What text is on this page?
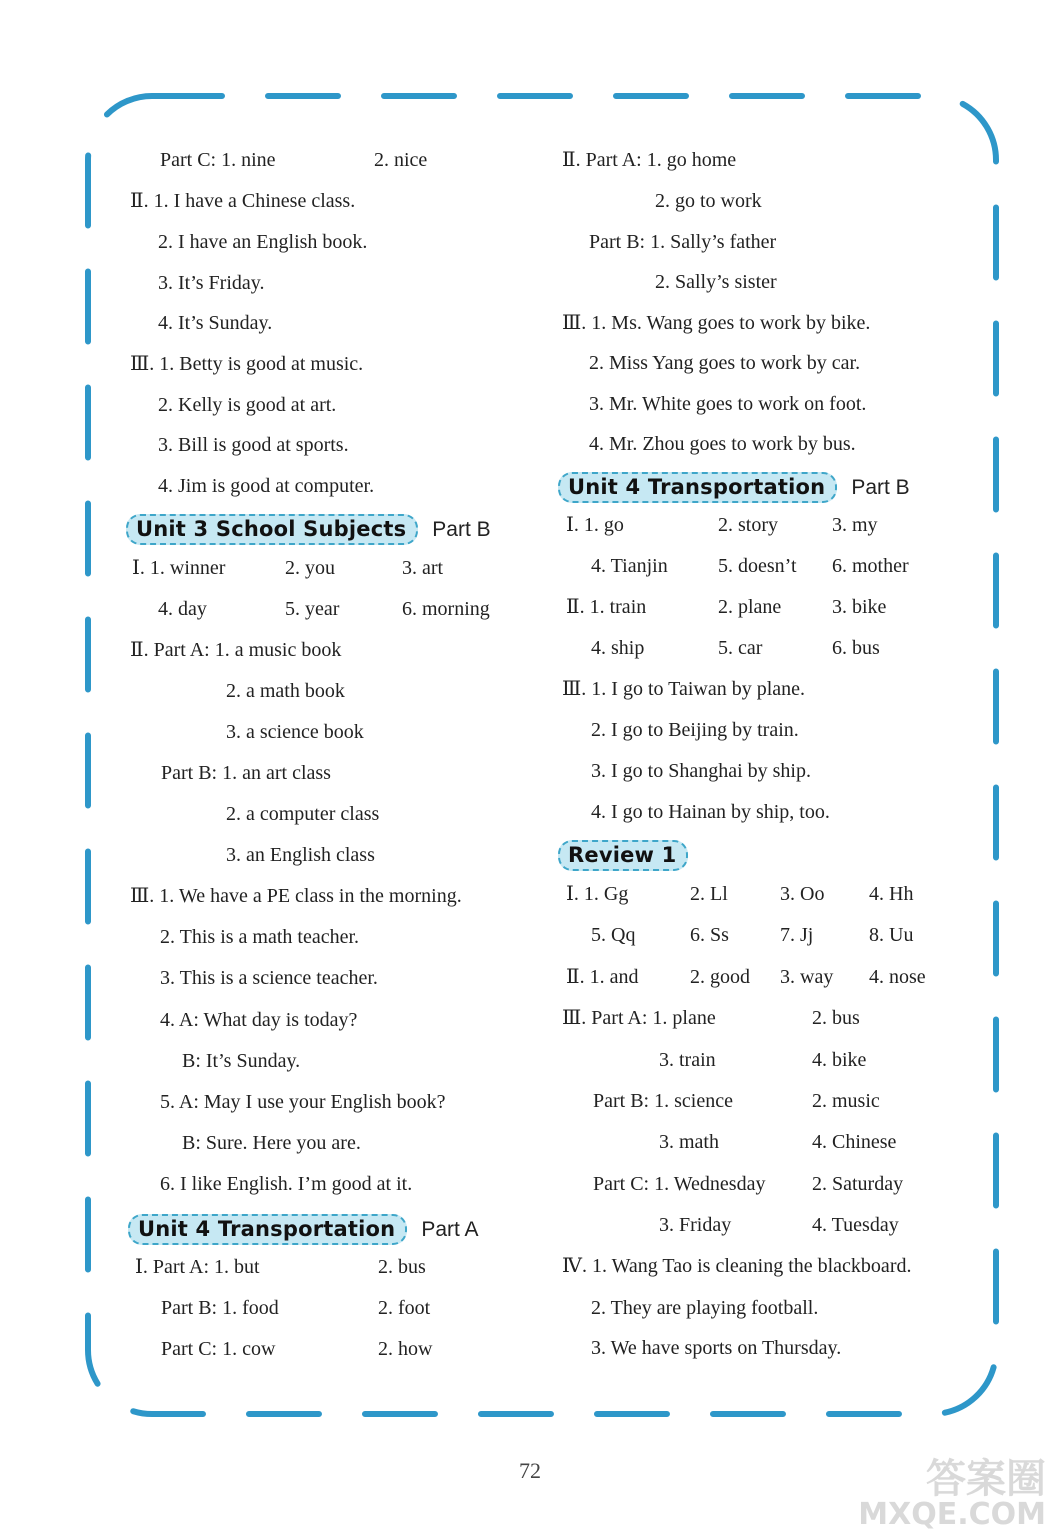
Part C: 1. nine	2. nice
Ⅱ. 1. I have a Chinese class.
2. I have an English book.
3. It’s Friday.
4. It’s Sunday.
Ⅲ. 1. Betty is good at music.
2. Kelly is good at art.
3. Bill is good at sports.
4. Jim is good at computer.
Unit 3 School Subjects	Part B
Ⅰ. 1. winner	2. you	3. art
4. day	5. year	6. morning
Ⅱ. Part A: 1. a music book
2. a math book
3. a science book
Part B: 1. an art class
2. a computer class
3. an English class
Ⅲ. 1. We have a PE class in the morning.
2. This is a math teacher.
3. This is a science teacher.
4. A: What day is today?
B: It’s Sunday.
5. A: May I use your English book?
B: Sure. Here you are.
6. I like English. I’m good at it.
Unit 4 Transportation	Part A
Ⅰ. Part A: 1. but	2. bus
Part B: 1. food	2. foot
Part C: 1. cow	2. how
Ⅱ. Part A: 1. go home
2. go to work
Part B: 1. Sally’s father
2. Sally’s sister
Ⅲ. 1. Ms. Wang goes to work by bike.
2. Miss Yang goes to work by car.
3. Mr. White goes to work on foot.
4. Mr. Zhou goes to work by bus.
Unit 4 Transportation	Part B
Ⅰ. 1. go	2. story	3. my
4. Tianjin	5. doesn’t 6. mother
Ⅱ. 1. train	2. plane	3. bike
4. ship	5. car	6. bus
Ⅲ. 1. I go to Taiwan by plane.
2. I go to Beijing by train.
3. I go to Shanghai by ship.
4. I go to Hainan by ship, too.
Review 1
Ⅰ. 1. Gg	2. Ll	3. Oo 4. Hh
5. Qq	6. Ss	7. Jj	8. Uu
Ⅱ. 1. and	2. good 3. way 4. nose
Ⅲ. Part A: 1. plane	2. bus
3. train	4. bike
Part B: 1. science	2. music
3. math	4. Chinese
Part C: 1. Wednesday 2. Saturday
3. Friday	4. Tuesday
Ⅳ. 1. Wang Tao is cleaning the blackboard.
2. They are playing football.
3. We have sports on Thursday.
72	答案圈
MXQE.COM
